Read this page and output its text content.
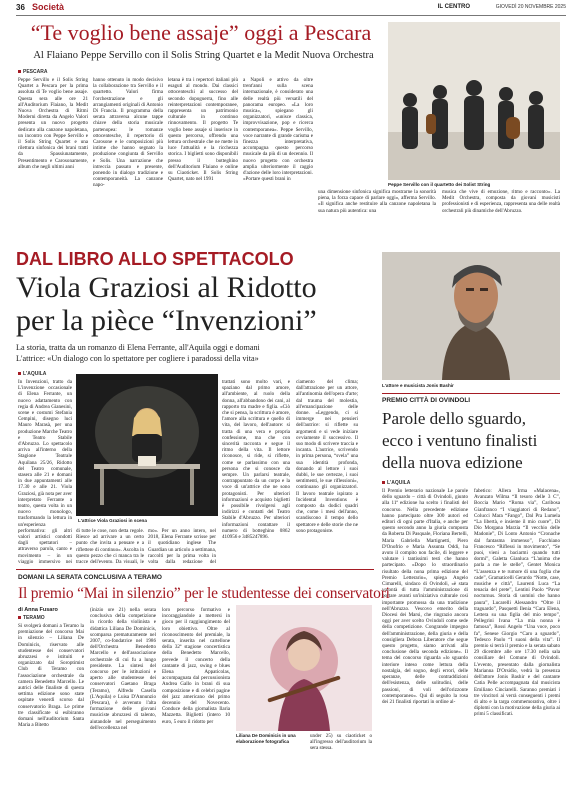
36 Società	IL CENTRO	GIOVEDÌ 20 NOVEMBRE 2025
“Te voglio bene assaje” oggi a Pescara
Al Flaiano Peppe Servillo con il Solis String Quartet e la Medit Nuova Orchestra
PESCARA
Peppe Servillo e il Solis String Quartet a Pescara per la prima assoluta di Te voglio bene assaje. Questa sera alle ore 21 all'Auditorium Flaiano, la Medit Nuova Orchestra di Ritmi Moderni diretta da Angelo Valori presenta un nuovo progetto dedicato alla canzone napoletana, un incontro con Peppe Servillo e il Solis String Quartet e una rilettura sinfonica dei brani tratti da Spassiunatamente, Presentimento e Carosonamente, album che negli ultimi anni
hanno ottenuto in modo decisivo la collaborazione tra Servillo e il quartetto. Valori firma l'orchestrazione e gli arrangiamenti originali di Antonio Di Francia. Il programma della serata attraversa alcune tappe chiave della storia musicale partenopea: le romanze ottocentesche, il repertorio di Carosone e le composizioni più intime che hanno segnato la produzione congiunta di Servillo e Solis. Una narrazione che intreccia passato e presente, ponendo in dialogo tradizione e contemporaneità. La canzone napo-
letana è tra i repertori italiani più esaguti al mondo. Dai classici ottocenteschi al successo del secondo dopoguerra, fino alle reinterpretazioni contemporanee, rappresenta un patrimonio culturale in continuo rinnovamento. Il progetto Te voglio bene assaje si inserisce in questo percorso, offrendo una lettura orchestrale che ne mette in luce l'attualità e la ricchezza storica. I biglietti sono disponibili presso il botteghino dell'Auditorium Flaiano e online su Ciaoticket. Il Solis String Quartet, nato nel 1991
a Napoli e attivo da oltre trent'anni sulla scena internazionale, è considerato una delle realtà più versatili del panorama europeo. «La loro musica», spiegano gli organizzatori, «unisce classica, improvvisazione, pop e ricerca contemporanea». Peppe Servillo, voce narrante di grande carisma e finezza interpretativa, accompagna questo percorso musicale da più di un decennio. Il nuovo progetto con orchestra amplia ulteriormente il raggio d'azione delle loro interpretazioni. «Portare questi brani in
Peppe Servillo con il quartetto dei Solist String
una dimensione sinfonica significa mostrarne la sonorità piena, la forza capace di parlare oggi», afferma Servillo. «Il significa anche restituire alla canzone napoletana la sua natura più autentica: una
musica che vive di emozione, ritmo e racconto». La Medit Orchestra, composta da giovani musicisti professionisti e di esperienza, rappresenta una delle realtà orchestrali più dinamiche dell'Abruzzo.
DAL LIBRO ALLO SPETTACOLO
Viola Graziosi al Ridotto
per la pièce “Invenzioni”
La storia, tratta da un romanzo di Elena Ferrante, all'Aquila oggi e domani
L'attrice: «Un dialogo con lo spettatore per cogliere i paradossi della vita»
L'AQUILA
In Invenzioni, tratto da L'invenzione occasionale di Elena Ferrante, un nuovo adattamento con regia di Andrea Gianesini, scene e costumi Stefania Cempini, disegno luci Mauro Marasà, per una produzione Marche Teatro e Teatro Stabile d'Abruzzo. Lo spettacolo arriva all'interno della Stagione Teatrale Aquilana 25/26, Ridotto del Teatro comunale, stasera alle 21 e domani in due appuntamenti alle 17.30 e alle 21. Viola Graziosi, già nota per aver interpretato Ferrante a teatro, questa volta in un nuovo monologo, trasformando la lettura in un'esperienza performativa: gli altri valori artistici condotti dagli spettatori – attraverso parola, canto e movimento – in un viaggio immersivo nei
L'attrice Viola Graziosi in scena
ciamento del clima; dall'attrazione per un attore, all'antinomia dell'opera d'arte; dal trauma del molestia, all'emancipazione delle donne. «Leggendo, ci si immerge nei pensieri dell'autrice: si riflette su argomenti e si vede iniziare ovviamente il successivo. Il suo modo di scrivere traccia e incanta. L'autrice, scrivendo in prima persona, “svela” una sua identità profonda, donando al lettore i suoi dubbi, le sue certezze, i suoi sentimenti, le sue riflessioni», continuano gli organizzatori. Il lavoro teatrale ispirato a Incidental Inventions è composto da dodici quadri che, come i mesi dell'anno, scandiscono il tempo dello spettatore e delle storie che ne sono protagoniste.
di tutte le cose, non detta regole. Riesce ad arrivare a un certo punto che invita a pensare e a riflettere di continuo». Ascolta in questo pezzo che ci manca tra le tracce dell'evento. Da visuali, le
mo». Per un anno intero, nel 2018, Elena Ferrante scrisse per il quotidiano inglese The Guardian un articolo a settimana, raccolti per la prima volta in volta dalla redazione del
trattati sono molto vari, e spaziano dal primo amore, all'ambiente, al ruolo della donna, all'abbandono dei cani, al rapporto tra madre e figlia. «Ciò che si pensa, la scrittura è amore, l'amore alla scrittura e quello di vita, del lavoro, dell'autore: si tratta di una vera e propria confessione, ma che con sincerità racconta e segue il ritmo della vita. Il lettore riconosce, si ride, si riflette, come se parlassimo con una persona che si conosce da sempre. Un parlarsi teatrale, contrappuntato da un corpo e la voce di un'attrice che ne sono protagonisti. Per ulteriori informazioni e acquisto biglietti è possibile rivolgersi agli indirizzi e contatti del Teatro Stabile d'Abruzzo. Per ulteriori informazioni contattare il numero di botteghino 0862 410956 e 3485247896.
L'attore e musicista Jonis Bashir
PREMIO CITTÀ DI OVINDOLI
Parole dello sguardo,
ecco i ventuno finalisti
della nuova edizione
L'AQUILA
Il Premio letterario nazionale Le parole dello sguardo – città di Ovindoli, giunto alla 11ª edizione ha scelto i finalisti del concorso. Nella precedente edizione hanno partecipato oltre 300 autori ed editori di ogni parte d'Italia, e anche per questo secondo anno la giuria composta da Roberta Di Pasquale, Floriana Bertelli, Maria Gabriella Martignetti, Piero D'Onofrio e Maria Assunta Oddi, ha avuto il compito non facile, di leggere e valutare i tantissimi testi che hanno partecipato. «Dopo lo straordinario risultato della nona prima edizione del Premio Letterario», spiega Angelo Cimarelli, sindaco di Ovindoli, «è stata volontà di tutta l'amministrazione di portare avanti un'iniziativa culturale così importante promossa da una tradizione nell'Abruzzo. Vescovo emerito della Diocesi dei Marsi, che ringrazio ancora oggi per aver scelto Ovindoli come sede della competizione. Congrande impegno dell'amministrazione, della giuria e della consigliera Debora Liberatore che segue questo progetto, siamo arrivati alla conclusione della seconda edizione». Il tema del concorso riguarda «lo sguardo interiore inteso come lettura della nostalgia, del sogno, degli errori, delle speranze, delle contraddizioni dell'esistenza, delle solitudini, delle passioni, di voli dell'orizzonte contemporaneo». Qui di seguito la rosa dei 21 finalisti riportati in ordine al-
fabetico: Allera Irma «Malacena», Avanzato Wilma “Il tesoro delle 3 C”, Boccia Mario “Roma via”, Caribosa Gianfranco “I viaggiatori di Redano”, Colucci Mara “Fango”, Dal Pra Lumela “La libertà, e insieme il mio cuore”, Di Dio Morgana Marzia “Il vecchio delle Madonie”, Di Lonto Antonio “Cronache dal fantasma immenso”, Facchiano Francesco “Riflessi in movimento”, “Se puoi, vieni a baciarmi quando tutti dormi”, Galetta Gianluca “L'anima che parla a me le stelle”, Gentet Monica “L'assenza e te rumore di una foglia che cade”, Gramaticelli Gerardo “Notte, case, musiche e città”, Laurenti Luca “La tenacia del prete”, Lentini Paolo “Pavor nocturnus. Storia di uomini che hanno paura”, Lucarelli Alessandro “Oltre il traguardo”, Pasquetti Ilenia “Cara Elena, Lettera su una figlia del mio tempo”, Pellegrini Ivana “La mia nonna è famosa”, Rossi Angelo “Una voce, poco fa”, Senese Giorgio “Caro a sguardo”, Tedesco Paolo “I suoni della vita”. Il premio si terrà il premio e la serata sabato 29 dicembre alle ore 17.30 nella sala consiliare del Comune di Ovindoli. L'evento, presentato dalla giornalista Marianna D'Orsidio, vedrà la presenza dell'attore Jonis Bashir e del cantante Catia Pelle accompagnata dal musicista Emiliano Cinciarelli. Saranno premiati i tre vincitori ai verrà conseguenti i premi di alto e la targa commemorativa, oltre i diplomi con la motivazione della giuria ai primi 5 classificati.
DOMANI LA SERATA CONCLUSIVA A TERAMO
Il premio “Mai in silenzio” per le studentesse dei conservatori
di Anna Fusaro
TERAMO
Si svolgerà domani a Teramo la premiazione del concorso Mai in silenzio – Liliana De Dominicis, riservato alle studentesse dei conservatori abruzzesi e istituiti e organizzato dal Soroptimist Club di Teramo con l'associazione orchestrale da camera Benedetto Marcello. Le autrici delle finaliste di questa settima edizione sono state ospitate venerdì scorso dal conservatorio Braga. Le prime tre classificate si esibiranno domani nell'auditorium Santa Maria a Bitetto
(inizio ore 21) nella serata conclusiva della competizione in ricordo della violinista e didattica Liliana De Dominicis, scomparsa prematuramente nel 2007, co-fondatrice nel 1986 dell'Orchestra Benedetto Marcello e dell'associazione orchestrale di cui fu a lungo presidente. La sintesi del concorso per le istituzioni e aperto alle studentesse dei conservatori Gaetano Braga (Teramo), Alfredo Casella (L'Aquila) e Luisa D'Annunzio (Pescara), è avvenuto l'alta formazione delle giovani musiciste abruzzesi di talento, aiutandole nel perseguimento dell'eccellenza nel
loro percorso formativo e incoraggiandole a mettersi in gioco per il raggiungimento del loro obiettivo. Oltre al riconoscimento del premiale, la serata, inserita nel cartellone della 32ª stagione concertistica della Benedetto Marcello, prevede il concerto della cantante di jazz, swing e blues Elena Appaticolas, accompagnata dal percussionista Andrea Gallo in brani di sua composizione e di celebri pagine del jazz americano del primo decennio del Novecento. Conduce della giornalista Ilaria Mazzetta. Biglietti (intero 10 euro, 5 euro il ridotto per
Liliana De Dominicis in una elaborazione fotografica
under 25) su ciaoticket o all'ingresso dell'auditorium la sera stessa.
